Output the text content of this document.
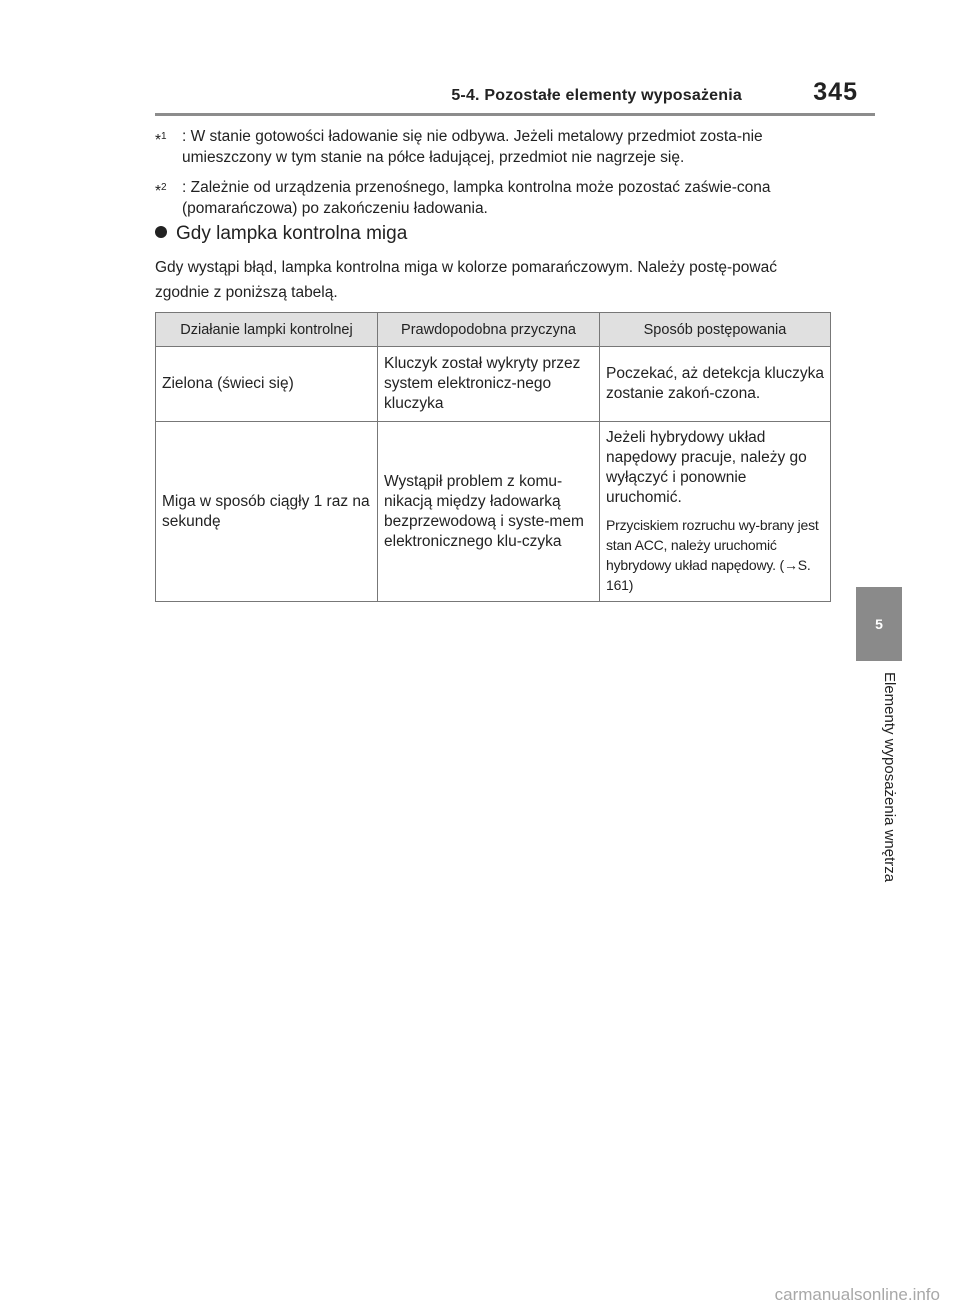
5-4. Pozostałe elementy wyposażenia	345
5
Elementy wyposażenia wnętrza
*$^1$ : W stanie gotowości ładowanie się nie odbywa. Jeżeli metalowy przedmiot zosta-nie umieszczony w tym stanie na półce ładującej, przedmiot nie nagrzeje się.
*$^2$ : Zależnie od urządzenia przenośnego, lampka kontrolna może pozostać zaświe-cona (pomarańczowa) po zakończeniu ładowania.
Gdy lampka kontrolna miga
Gdy wystąpi błąd, lampka kontrolna miga w kolorze pomarańczowym. Należy postę-pować zgodnie z poniższą tabelą.
Działanie lampki kontrolnej	Prawdopodobna przyczyna	Sposób postępowania
Zielona (świeci się)	Kluczyk został wykryty przez system elektronicz-nego kluczyka	Poczekać, aż detekcja kluczyka zostanie zakoń-czona.

Miga w sposób ciągły 1 raz na sekundę	Wystąpił problem z komu-nikacją między ładowarką bezprzewodową i syste-mem elektronicznego klu-czyka	Jeżeli hybrydowy układ napędowy pracuje, należy go wyłączyć i ponownie uruchomić.
Przyciskiem rozruchu wy-brany jest stan ACC, należy uruchomić hybrydowy układ napędowy. (→S. 161)
carmanualsonline.info
